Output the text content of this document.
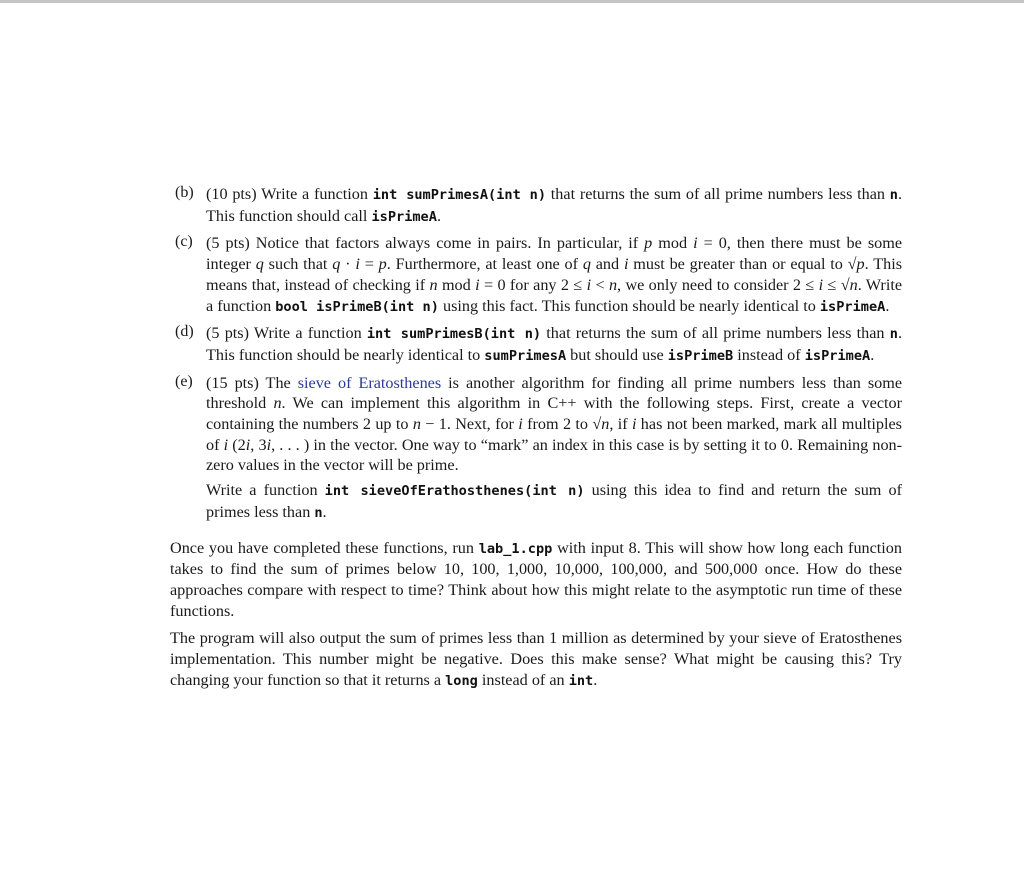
(b) (10 pts) Write a function int sumPrimesA(int n) that returns the sum of all prime numbers less than n. This function should call isPrimeA.

(c) (5 pts) Notice that factors always come in pairs. In particular, if p mod i = 0, then there must be some integer q such that q · i = p. Furthermore, at least one of q and i must be greater than or equal to √p. This means that, instead of checking if n mod i = 0 for any 2 ≤ i < n, we only need to consider 2 ≤ i ≤ √n. Write a function bool isPrimeB(int n) using this fact. This function should be nearly identical to isPrimeA.

(d) (5 pts) Write a function int sumPrimesB(int n) that returns the sum of all prime numbers less than n. This function should be nearly identical to sumPrimesA but should use isPrimeB instead of isPrimeA.

(e) (15 pts) The sieve of Eratosthenes is another algorithm for finding all prime numbers less than some threshold n. We can implement this algorithm in C++ with the following steps. First, create a vector containing the numbers 2 up to n − 1. Next, for i from 2 to √n, if i has not been marked, mark all multiples of i (2i, 3i, . . . ) in the vector. One way to “mark” an index in this case is by setting it to 0. Remaining non-zero values in the vector will be prime.

Write a function int sieveOfErathosthenes(int n) using this idea to find and return the sum of primes less than n.

Once you have completed these functions, run lab_1.cpp with input 8. This will show how long each function takes to find the sum of primes below 10, 100, 1,000, 10,000, 100,000, and 500,000 once. How do these approaches compare with respect to time? Think about how this might relate to the asymptotic run time of these functions.

The program will also output the sum of primes less than 1 million as determined by your sieve of Eratosthenes implementation. This number might be negative. Does this make sense? What might be causing this? Try changing your function so that it returns a long instead of an int.
